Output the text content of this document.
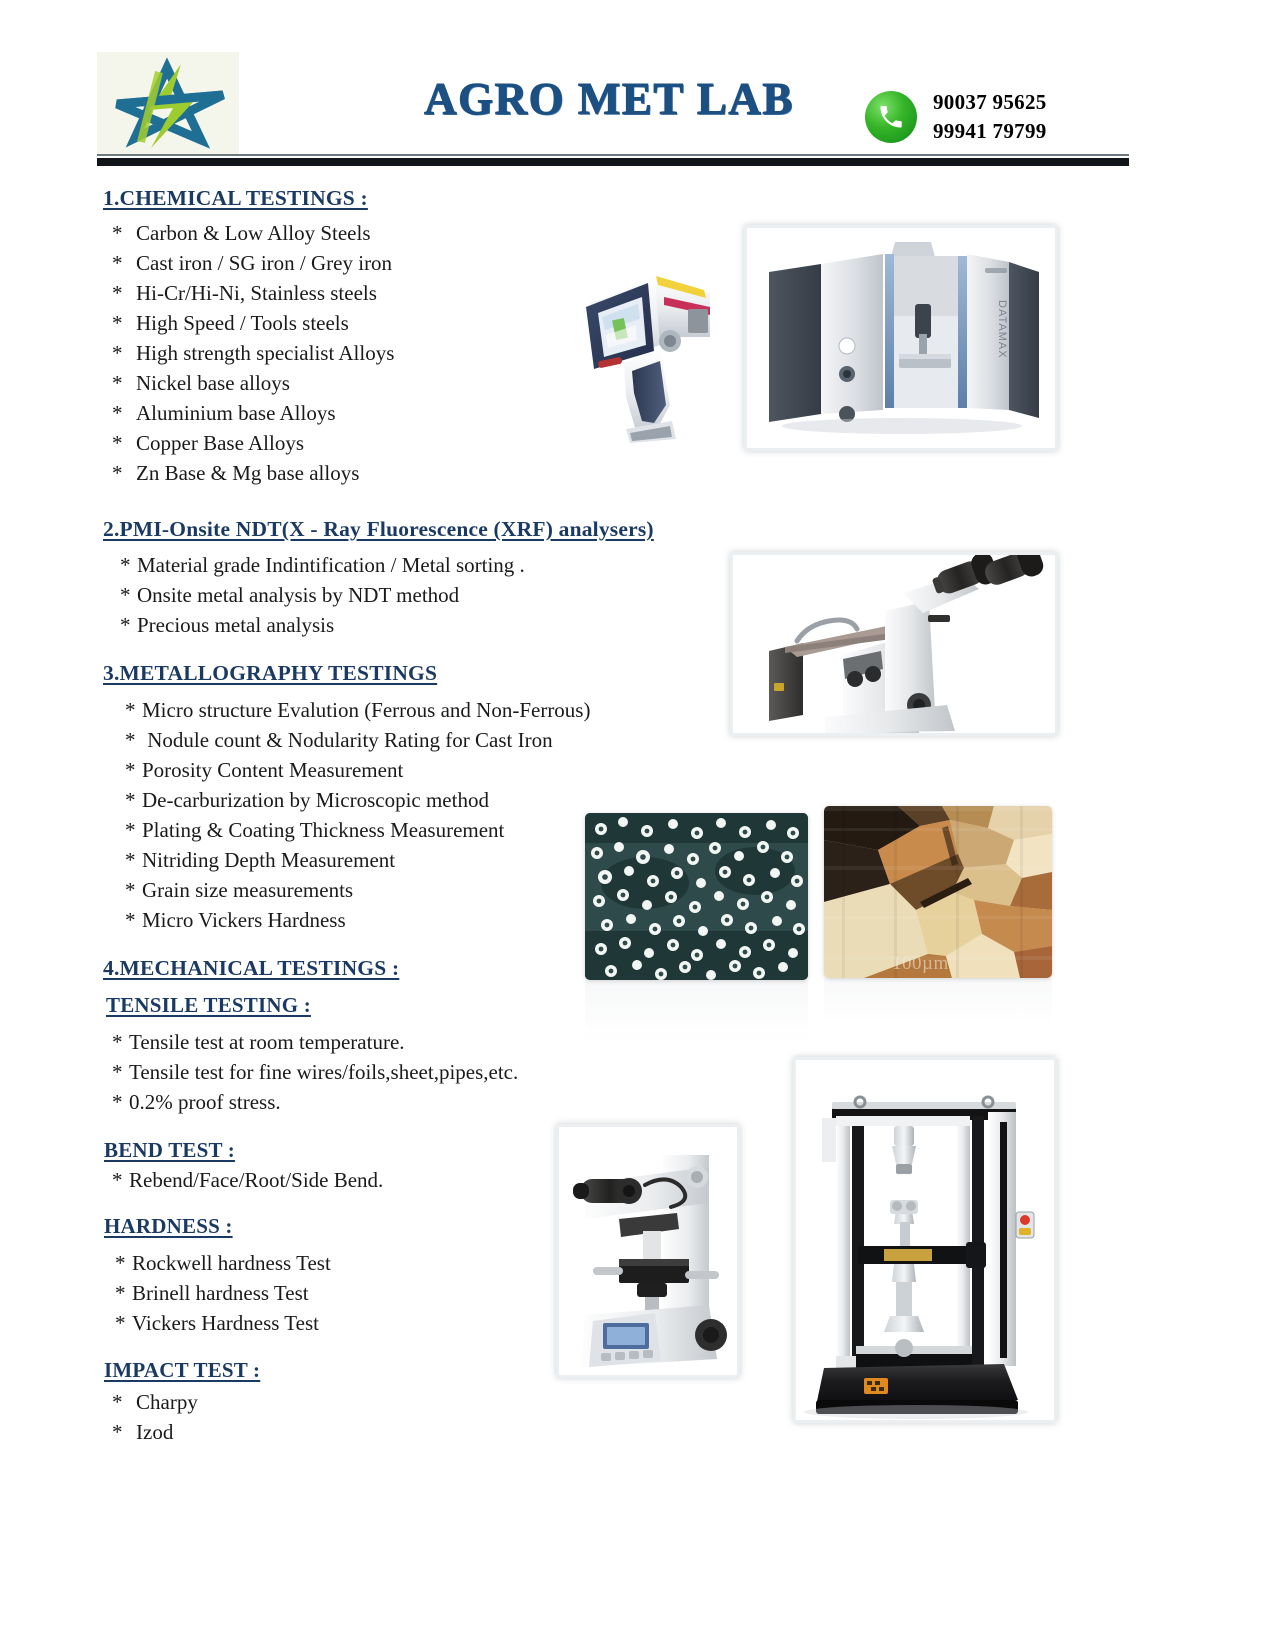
AGRO MET LAB	90037 95625
99941 79799
1.CHEMICAL TESTINGS :
* Carbon & Low Alloy Steels
* Cast iron / SG iron / Grey iron
* Hi-Cr/Hi-Ni, Stainless steels
* High Speed / Tools steels
* High strength specialist Alloys
* Nickel base alloys
* Aluminium base Alloys
* Copper Base Alloys
* Zn Base & Mg base alloys
2.PMI-Onsite NDT(X - Ray Fluorescence (XRF) analysers)
* Material grade Indintification / Metal sorting .
* Onsite metal analysis by NDT method
* Precious metal analysis
3.METALLOGRAPHY TESTINGS
* Micro structure Evalution (Ferrous and Non-Ferrous)
* Nodule count & Nodularity Rating for Cast Iron
* Porosity Content Measurement
* De-carburization by Microscopic method
* Plating & Coating Thickness Measurement
* Nitriding Depth Measurement
* Grain size measurements
* Micro Vickers Hardness
4.MECHANICAL TESTINGS :
TENSILE TESTING :
* Tensile test at room temperature.
* Tensile test for fine wires/foils,sheet,pipes,etc.
* 0.2% proof stress.
BEND TEST :
* Rebend/Face/Root/Side Bend.
HARDNESS :
* Rockwell hardness Test
* Brinell hardness Test
* Vickers Hardness Test
IMPACT TEST :
* Charpy
* Izod
DATAMAX
100µm
